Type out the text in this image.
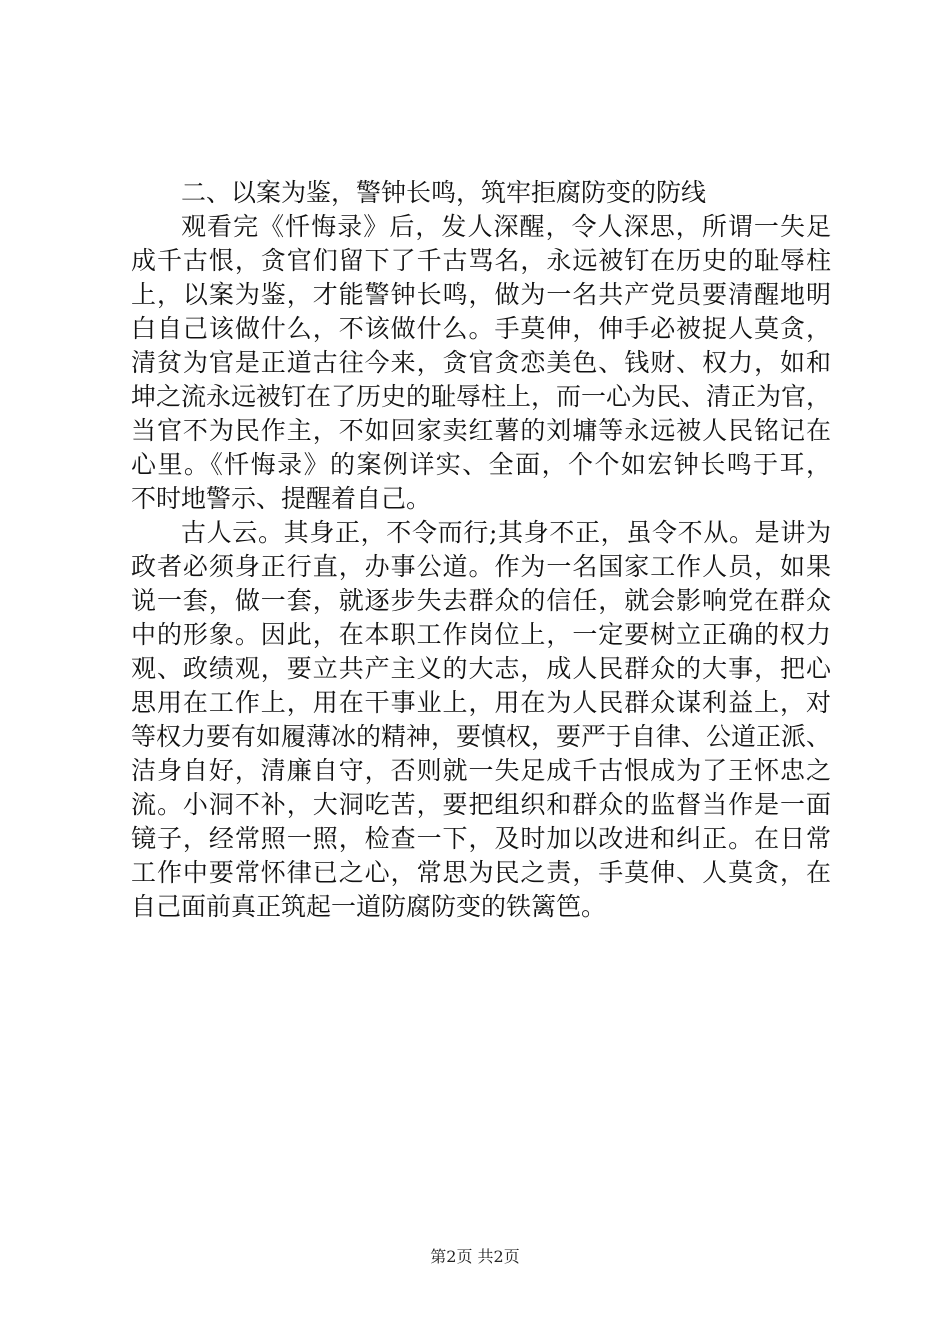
二、以案为鉴，警钟长鸣，筑牢拒腐防变的防线
观看完《忏悔录》后，发人深醒，令人深思，所谓一失足
成千古恨，贪官们留下了千古骂名，永远被钉在历史的耻辱柱
上，以案为鉴，才能警钟长鸣，做为一名共产党员要清醒地明
白自己该做什么，不该做什么。手莫伸，伸手必被捉人莫贪，
清贫为官是正道古往今来，贪官贪恋美色、钱财、权力，如和
坤之流永远被钉在了历史的耻辱柱上，而一心为民、清正为官，
当官不为民作主，不如回家卖红薯的刘墉等永远被人民铭记在
心里。《忏悔录》的案例详实、全面，个个如宏钟长鸣于耳，
不时地警示、提醒着自己。
古人云。其身正，不令而行;其身不正，虽令不从。是讲为
政者必须身正行直，办事公道。作为一名国家工作人员，如果
说一套，做一套，就逐步失去群众的信任，就会影响党在群众
中的形象。因此，在本职工作岗位上，一定要树立正确的权力
观、政绩观，要立共产主义的大志，成人民群众的大事，把心
思用在工作上，用在干事业上，用在为人民群众谋利益上，对
等权力要有如履薄冰的精神，要慎权，要严于自律、公道正派、
洁身自好，清廉自守，否则就一失足成千古恨成为了王怀忠之
流。小洞不补，大洞吃苦，要把组织和群众的监督当作是一面
镜子，经常照一照，检查一下，及时加以改进和纠正。在日常
工作中要常怀律已之心，常思为民之责，手莫伸、人莫贪，在
自己面前真正筑起一道防腐防变的铁篱笆。
第2页 共2页
